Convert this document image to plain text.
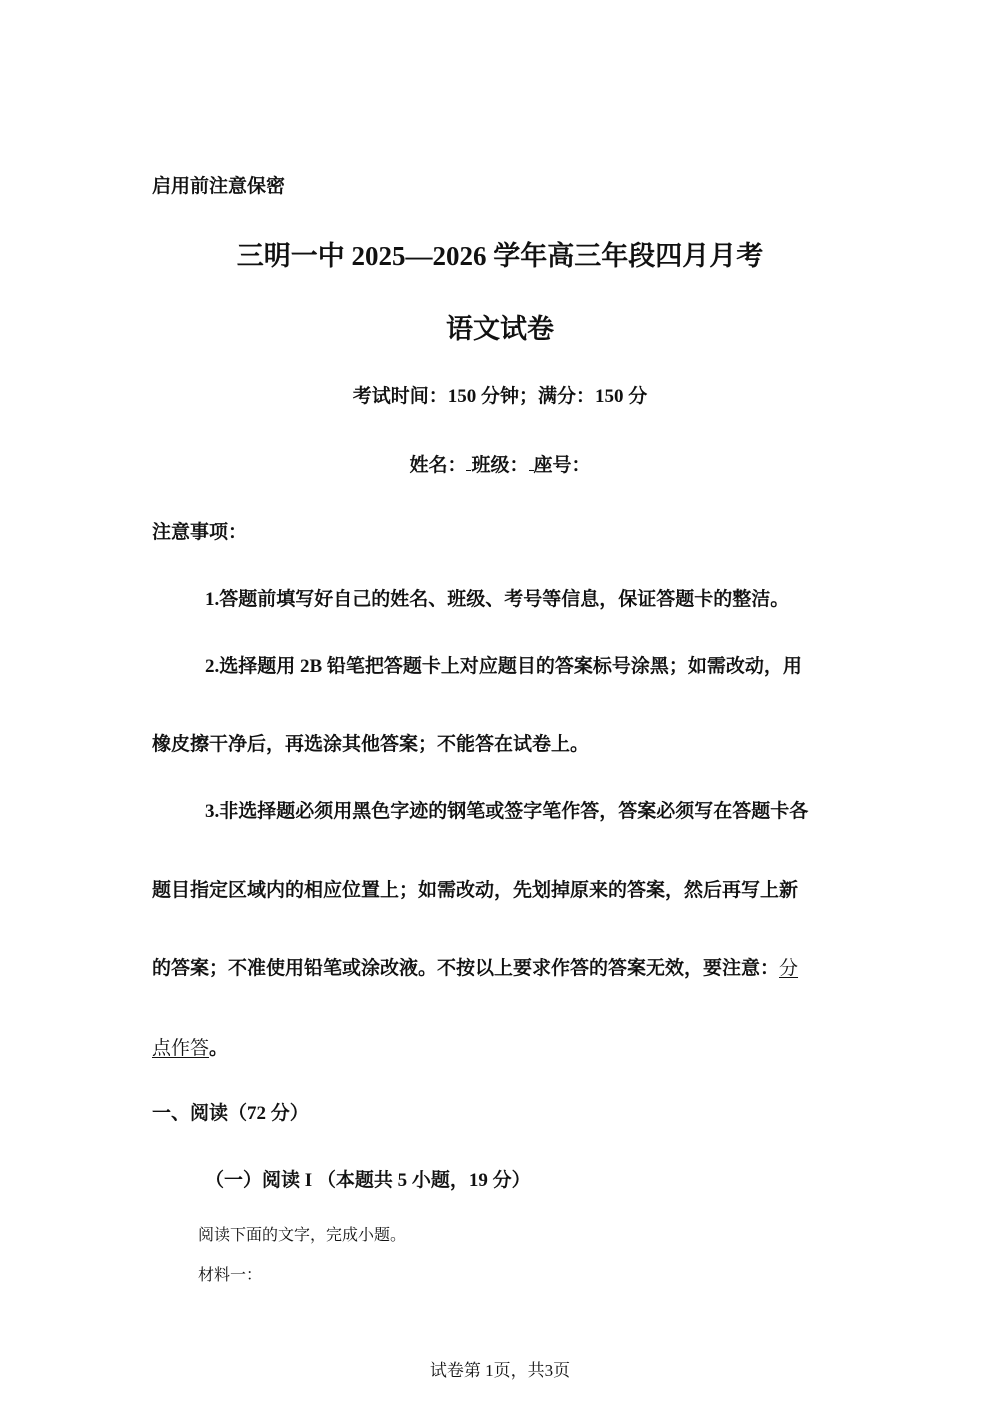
启用前注意保密
三明一中 2025—2026 学年高三年段四月月考
语文试卷
考试时间：150 分钟；满分：150 分
姓名： 班级： 座号：
注意事项：
1.答题前填写好自己的姓名、班级、考号等信息，保证答题卡的整洁。
2.选择题用 2B 铅笔把答题卡上对应题目的答案标号涂黑；如需改动，用
橡皮擦干净后，再选涂其他答案；不能答在试卷上。
3.非选择题必须用黑色字迹的钢笔或签字笔作答，答案必须写在答题卡各
题目指定区域内的相应位置上；如需改动，先划掉原来的答案，然后再写上新
的答案；不准使用铅笔或涂改液。不按以上要求作答的答案无效，要注意：分
点作答。
一、阅读（72 分）
（一）阅读 I （本题共 5 小题，19 分）
阅读下面的文字，完成小题。
材料一：
试卷第 1页，共3页
